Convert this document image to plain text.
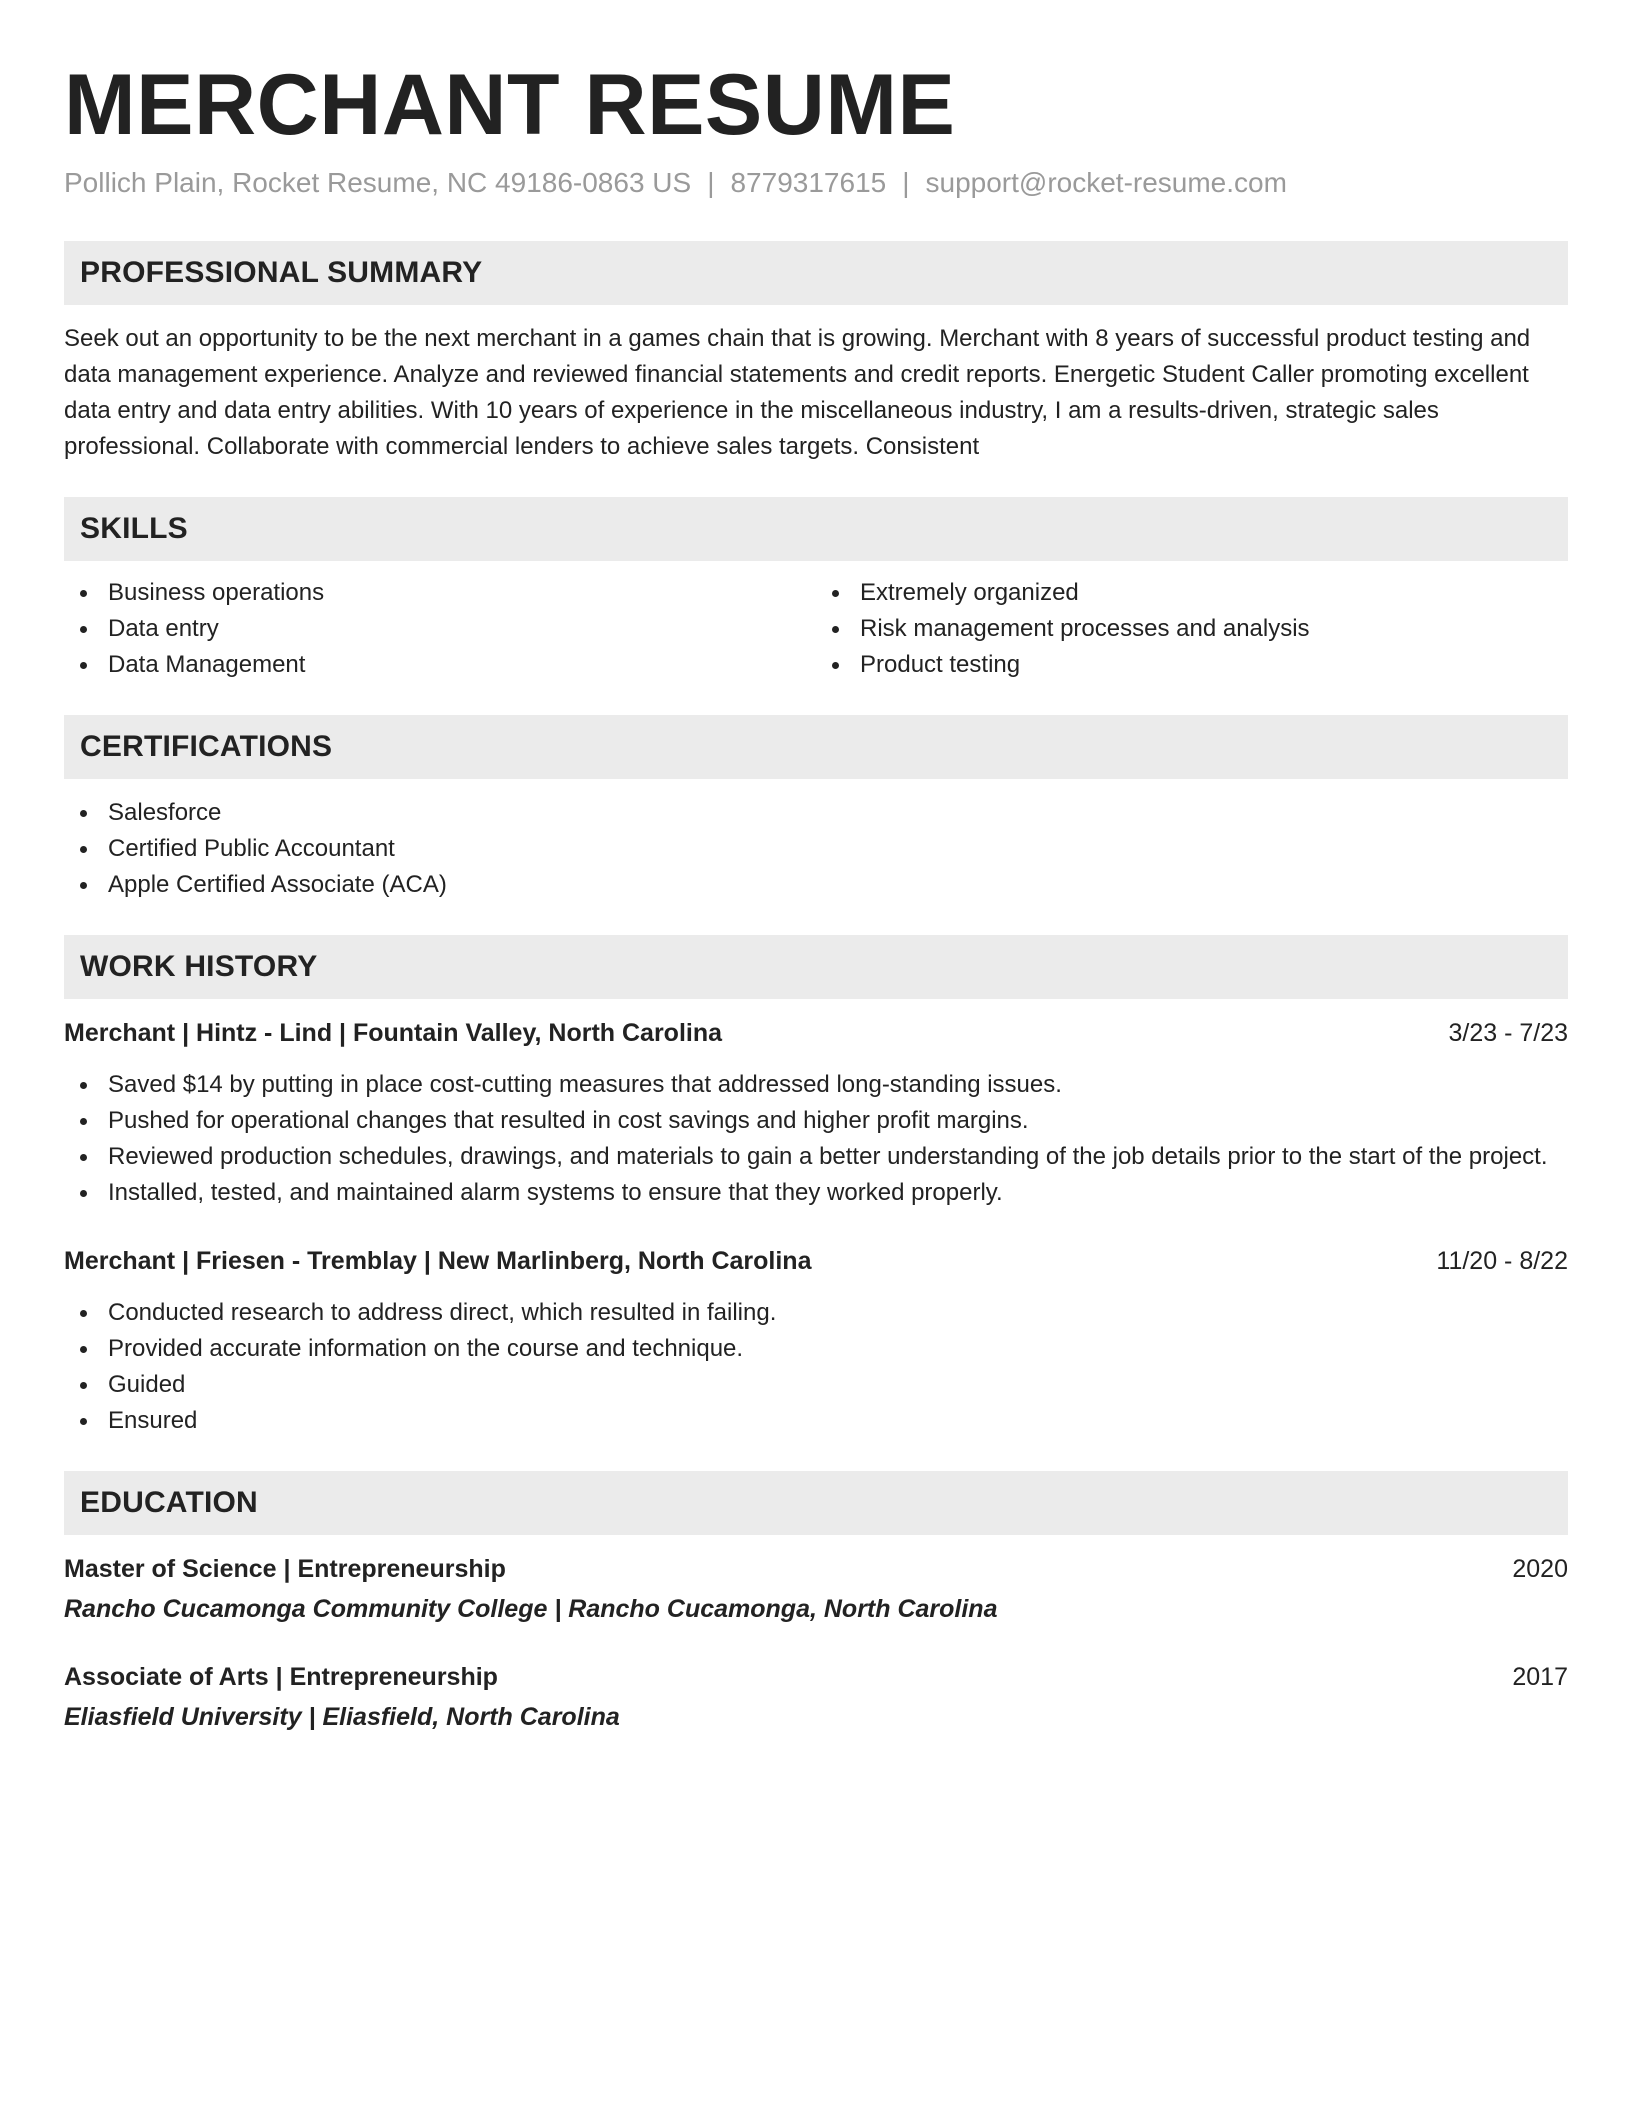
MERCHANT RESUME
Pollich Plain, Rocket Resume, NC 49186-0863 US | 8779317615 | support@rocket-resume.com
PROFESSIONAL SUMMARY

Seek out an opportunity to be the next merchant in a games chain that is growing. Merchant with 8 years of successful product testing and data management experience. Analyze and reviewed financial statements and credit reports. Energetic Student Caller promoting excellent data entry and data entry abilities. With 10 years of experience in the miscellaneous industry, I am a results-driven, strategic sales professional. Collaborate with commercial lenders to achieve sales targets. Consistent

SKILLS
Business operations
Data entry
Data Management
Extremely organized
Risk management processes and analysis
Product testing
CERTIFICATIONS
Salesforce
Certified Public Accountant
Apple Certified Associate (ACA)
WORK HISTORY
Merchant | Hintz - Lind | Fountain Valley, North Carolina	3/23 - 7/23
Saved $14 by putting in place cost-cutting measures that addressed long-standing issues.
Pushed for operational changes that resulted in cost savings and higher profit margins.
Reviewed production schedules, drawings, and materials to gain a better understanding of the job details prior to the start of the project.
Installed, tested, and maintained alarm systems to ensure that they worked properly.
Merchant | Friesen - Tremblay | New Marlinberg, North Carolina	11/20 - 8/22
Conducted research to address direct, which resulted in failing.
Provided accurate information on the course and technique.
Guided
Ensured
EDUCATION
Master of Science | Entrepreneurship	2020
Rancho Cucamonga Community College | Rancho Cucamonga, North Carolina
Associate of Arts | Entrepreneurship	2017
Eliasfield University | Eliasfield, North Carolina
